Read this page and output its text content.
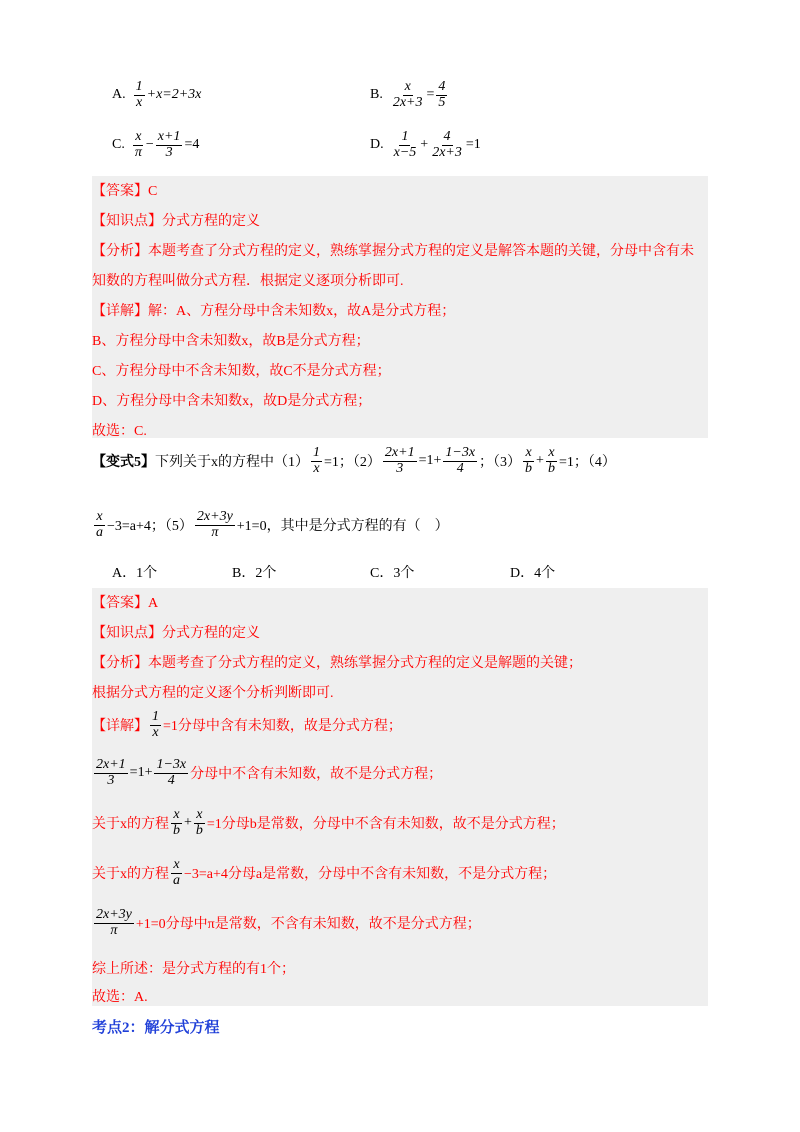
A. $\frac{1}{x} +x=2+3x$	B. $\frac{x}{2x+3} = \frac{4}{5}$
C. $\frac{x}{\pi} - \frac{x+1}{3} =4$	D. $\frac{1}{x-5} + \frac{4}{2x+3} =1$
【答案】C
【知识点】分式方程的定义
【分析】本题考查了分式方程的定义，熟练掌握分式方程的定义是解答本题的关键，分母中含有未
知数的方程叫做分式方程．根据定义逐项分析即可.
【详解】解：A、方程分母中含未知数x，故A是分式方程；
B、方程分母中含未知数x，故B是分式方程；
C、方程分母中不含未知数，故C不是分式方程；
D、方程分母中含未知数x，故D是分式方程；
故选：C.
【变式5】 下列关于x的方程中$(1) \frac{1}{x} =1$；$(2) \frac{2x+1}{3} =1+ \frac{1-3x}{4}$ ；$(3) \frac{x}{b} + \frac{x}{b} =1$；（4）
$\frac{x}{a} -3=a+4$；$(5) \frac{2x+3y}{\pi} +1=0$，其中是分式方程的有（　）
A．1个	B．2个	C．3个	D．4个
【答案】A
【知识点】分式方程的定义
【分析】本题考查了分式方程的定义，熟练掌握分式方程的定义是解题的关键；
根据分式方程的定义逐个分析判断即可.
【详解】 $\frac{1}{x} =1$分母中含有未知数，故是分式方程；
$\frac{2x+1}{3} =1+ \frac{1-3x}{4}$ 分母中不含有未知数，故不是分式方程；
关于x的方程 $\frac{x}{b} + \frac{x}{b} =1$分母b是常数，分母中不含有未知数，故不是分式方程；
关于x的方程 $\frac{x}{a} -3=a+4$分母a是常数，分母中不含有未知数，不是分式方程；
$\frac{2x+3y}{\pi} +1=0$分母中π是常数，不含有未知数，故不是分式方程；
综上所述：是分式方程的有1个；
故选：A.
考点2：解分式方程
